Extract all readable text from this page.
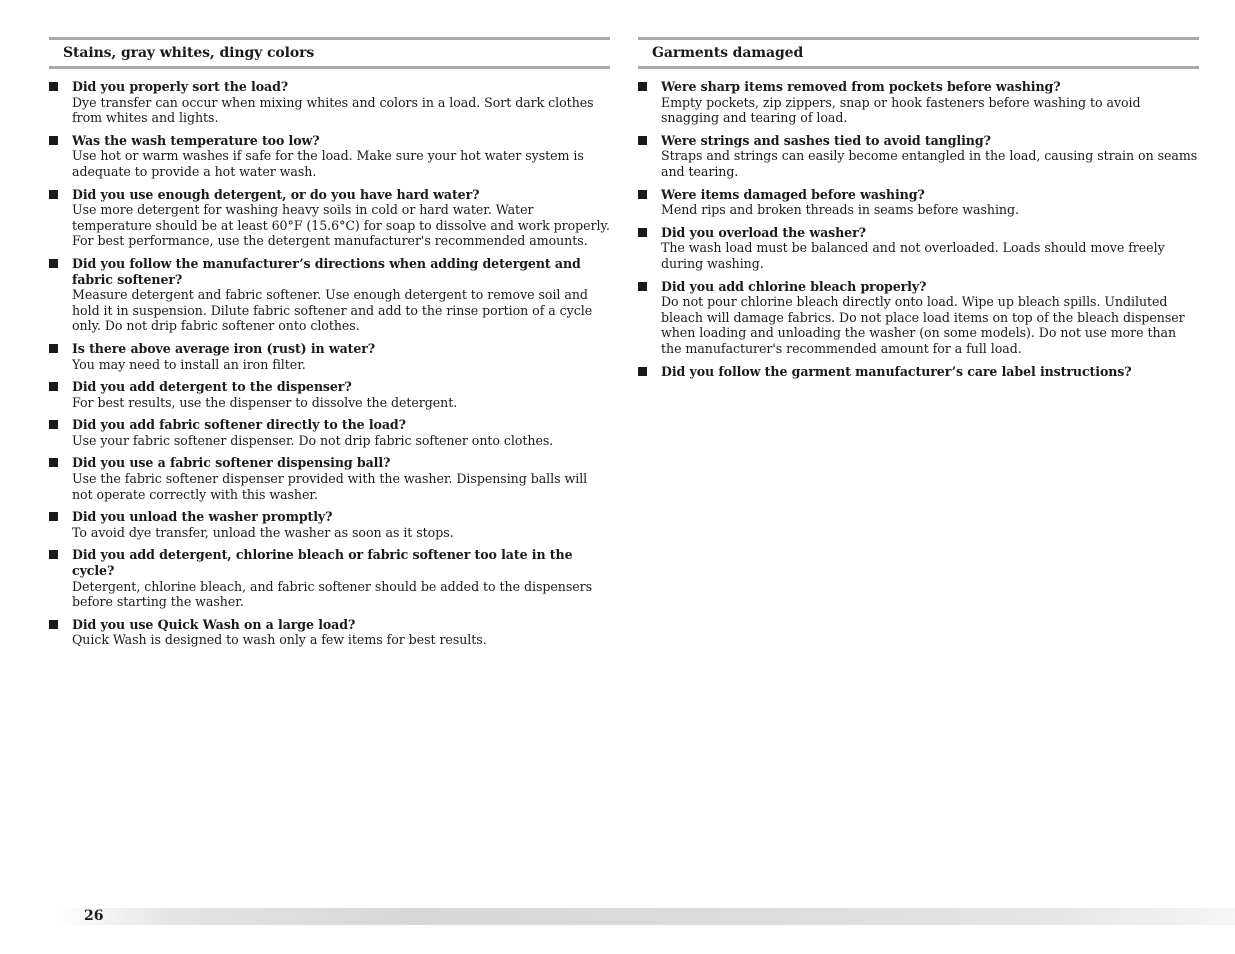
Stains, gray whites, dingy colors
Did you properly sort the load?
Dye transfer can occur when mixing whites and colors in a load. Sort dark clothes from whites and lights.
Was the wash temperature too low?
Use hot or warm washes if safe for the load. Make sure your hot water system is adequate to provide a hot water wash.
Did you use enough detergent, or do you have hard water?
Use more detergent for washing heavy soils in cold or hard water. Water temperature should be at least 60°F (15.6°C) for soap to dissolve and work properly. For best performance, use the detergent manufacturer's recommended amounts.
Did you follow the manufacturer’s directions when adding detergent and fabric softener?
Measure detergent and fabric softener. Use enough detergent to remove soil and hold it in suspension. Dilute fabric softener and add to the rinse portion of a cycle only. Do not drip fabric softener onto clothes.
Is there above average iron (rust) in water?
You may need to install an iron filter.
Did you add detergent to the dispenser?
For best results, use the dispenser to dissolve the detergent.
Did you add fabric softener directly to the load?
Use your fabric softener dispenser. Do not drip fabric softener onto clothes.
Did you use a fabric softener dispensing ball?
Use the fabric softener dispenser provided with the washer. Dispensing balls will not operate correctly with this washer.
Did you unload the washer promptly?
To avoid dye transfer, unload the washer as soon as it stops.
Did you add detergent, chlorine bleach or fabric softener too late in the cycle?
Detergent, chlorine bleach, and fabric softener should be added to the dispensers before starting the washer.
Did you use Quick Wash on a large load?
Quick Wash is designed to wash only a few items for best results.
Garments damaged
Were sharp items removed from pockets before washing?
Empty pockets, zip zippers, snap or hook fasteners before washing to avoid snagging and tearing of load.
Were strings and sashes tied to avoid tangling?
Straps and strings can easily become entangled in the load, causing strain on seams and tearing.
Were items damaged before washing?
Mend rips and broken threads in seams before washing.
Did you overload the washer?
The wash load must be balanced and not overloaded. Loads should move freely during washing.
Did you add chlorine bleach properly?
Do not pour chlorine bleach directly onto load. Wipe up bleach spills. Undiluted bleach will damage fabrics. Do not place load items on top of the bleach dispenser when loading and unloading the washer (on some models). Do not use more than the manufacturer's recommended amount for a full load.
Did you follow the garment manufacturer’s care label instructions?
26
